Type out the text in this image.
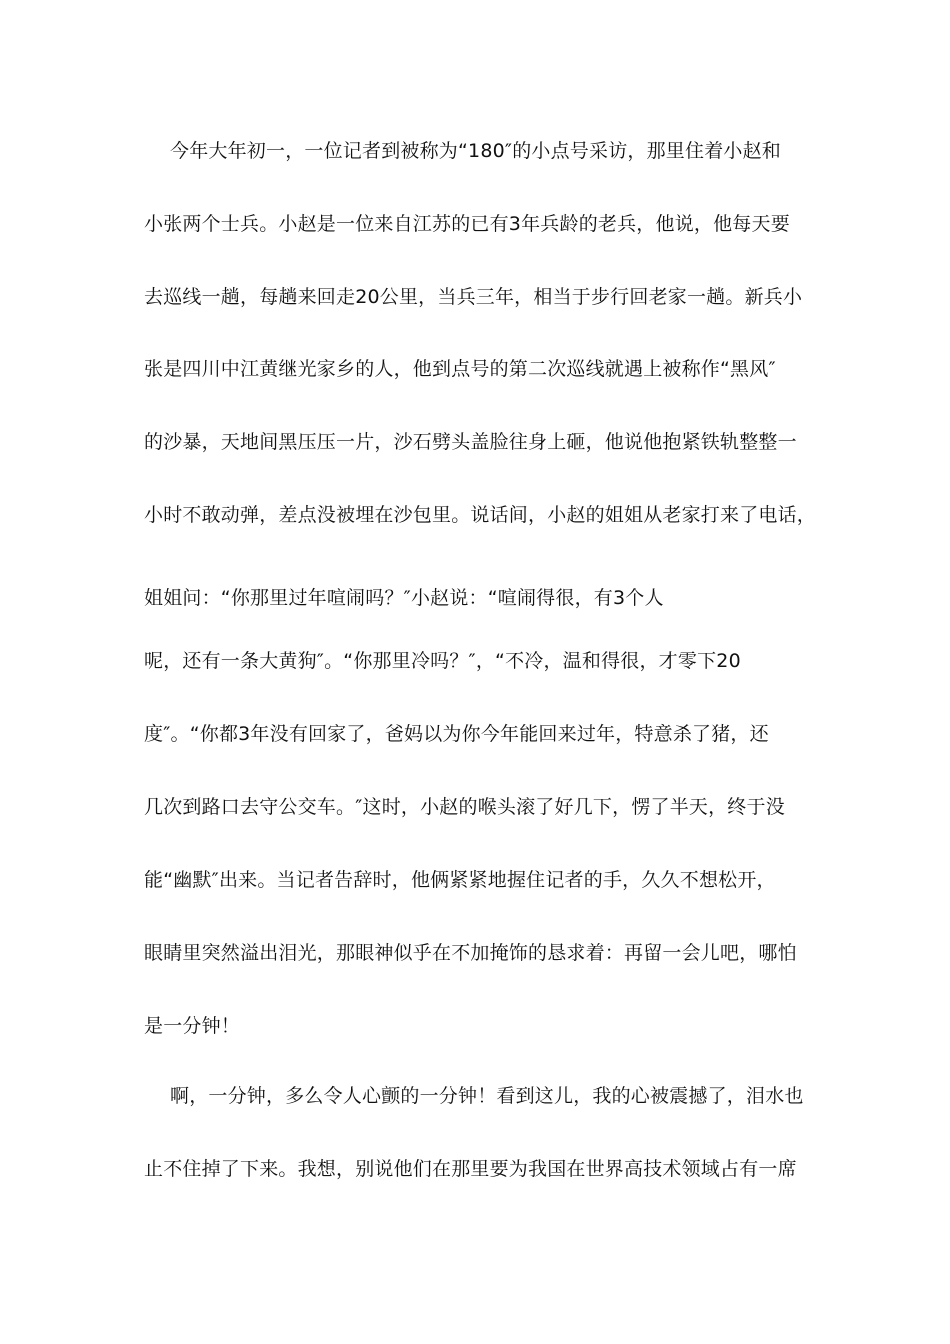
今年大年初一，一位记者到被称为“180″的小点号采访，那里住着小赵和
小张两个士兵。小赵是一位来自江苏的已有3年兵龄的老兵，他说，他每天要
去巡线一趟，每趟来回走20公里，当兵三年，相当于步行回老家一趟。新兵小
张是四川中江黄继光家乡的人，他到点号的第二次巡线就遇上被称作“黑风″
的沙暴，天地间黑压压一片，沙石劈头盖脸往身上砸，他说他抱紧铁轨整整一
小时不敢动弹，差点没被埋在沙包里。说话间，小赵的姐姐从老家打来了电话，
姐姐问：“你那里过年喧闹吗？″小赵说：“喧闹得很，有3个人
呢，还有一条大黄狗″。“你那里冷吗？″，“不冷，温和得很，才零下20
度″。“你都3年没有回家了，爸妈以为你今年能回来过年，特意杀了猪，还
几次到路口去守公交车。″这时，小赵的喉头滚了好几下，愣了半天，终于没
能“幽默″出来。当记者告辞时，他俩紧紧地握住记者的手，久久不想松开，
眼睛里突然溢出泪光，那眼神似乎在不加掩饰的恳求着：再留一会儿吧，哪怕
是一分钟！
啊，一分钟，多么令人心颤的一分钟！看到这儿，我的心被震撼了，泪水也
止不住掉了下来。我想，别说他们在那里要为我国在世界高技术领域占有一席
